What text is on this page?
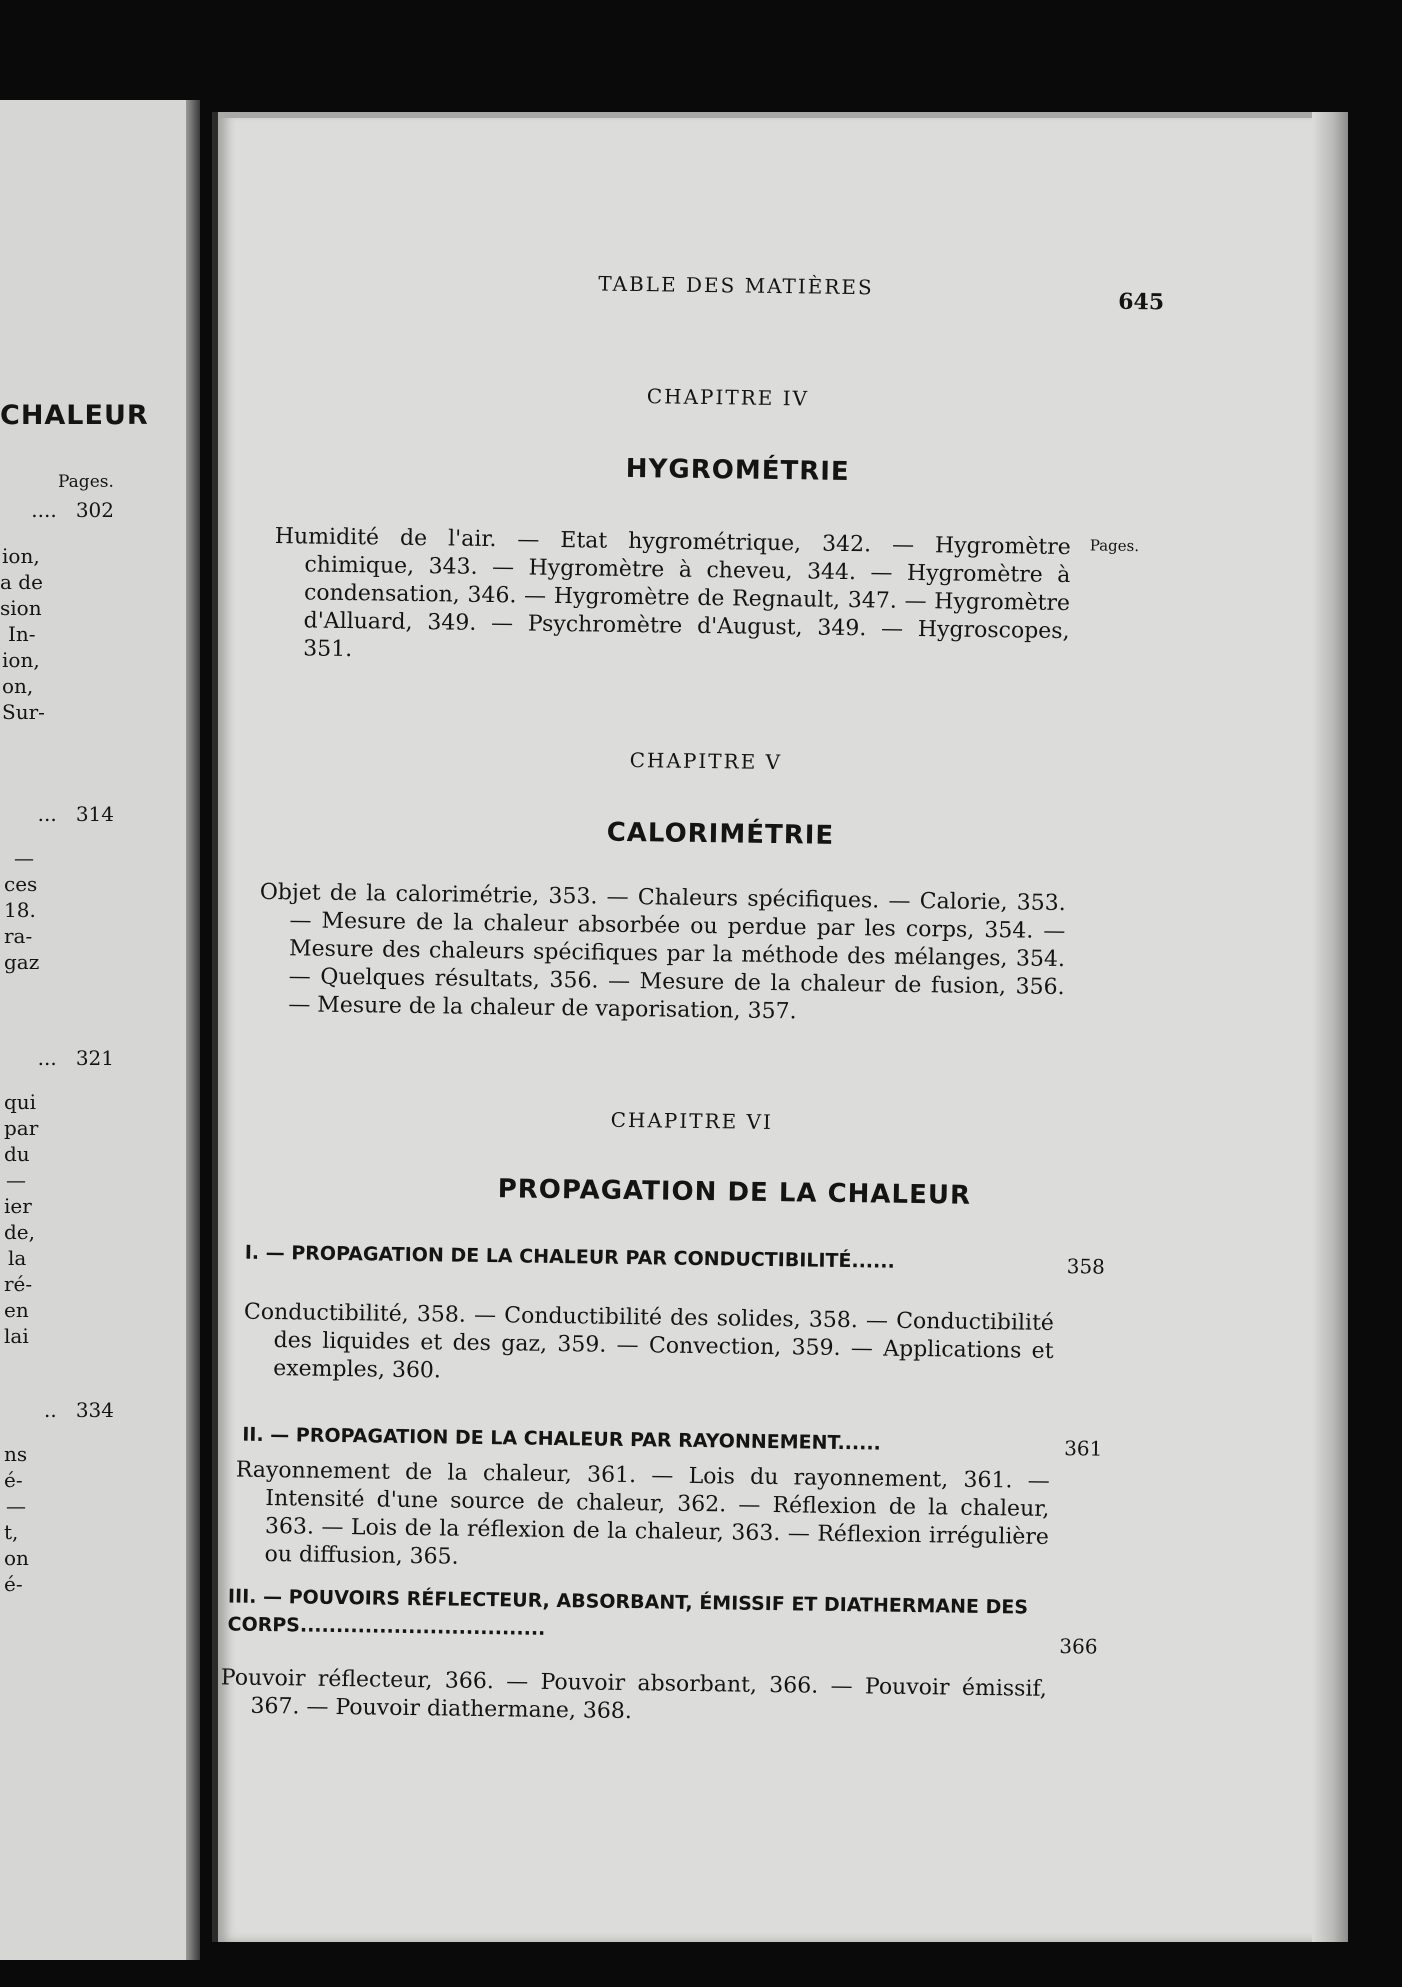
CHALEUR
Pages.
.... 302
... 314
... 321
.. 334
ion,
a de
sion
In-
ion,
on,
Sur-
—
ces
18.
ra-
gaz
qui
par
du
—
ier
de,
la
ré-
en
lai
ns
é-
—
t,
on
é-
TABLE DES MATIÈRES
645
CHAPITRE IV
HYGROMÉTRIE
Pages.
Humidité de l'air. — Etat hygrométrique, 342. — Hygromètre chimique, 343. — Hygromètre à cheveu, 344. — Hygromètre à condensation, 346. — Hygromètre de Regnault, 347. — Hygromètre d'Alluard, 349. — Psychromètre d'August, 349. — Hygroscopes, 351.
CHAPITRE V
CALORIMÉTRIE
Objet de la calorimétrie, 353. — Chaleurs spécifiques. — Calorie, 353. — Mesure de la chaleur absorbée ou perdue par les corps, 354. — Mesure des chaleurs spécifiques par la méthode des mélanges, 354. — Quelques résultats, 356. — Mesure de la chaleur de fusion, 356. — Mesure de la chaleur de vaporisation, 357.
CHAPITRE VI
PROPAGATION DE LA CHALEUR
I. — PROPAGATION DE LA CHALEUR PAR CONDUCTIBILITÉ......	358
Conductibilité, 358. — Conductibilité des solides, 358. — Conductibilité des liquides et des gaz, 359. — Convection, 359. — Applications et exemples, 360.
II. — PROPAGATION DE LA CHALEUR PAR RAYONNEMENT......	361
Rayonnement de la chaleur, 361. — Lois du rayonnement, 361. — Intensité d'une source de chaleur, 362. — Réflexion de la chaleur, 363. — Lois de la réflexion de la chaleur, 363. — Réflexion irrégulière ou diffusion, 365.
III. — POUVOIRS RÉFLECTEUR, ABSORBANT, ÉMISSIF ET DIATHERMANE DES CORPS..................................
366
Pouvoir réflecteur, 366. — Pouvoir absorbant, 366. — Pouvoir émissif, 367. — Pouvoir diathermane, 368.
